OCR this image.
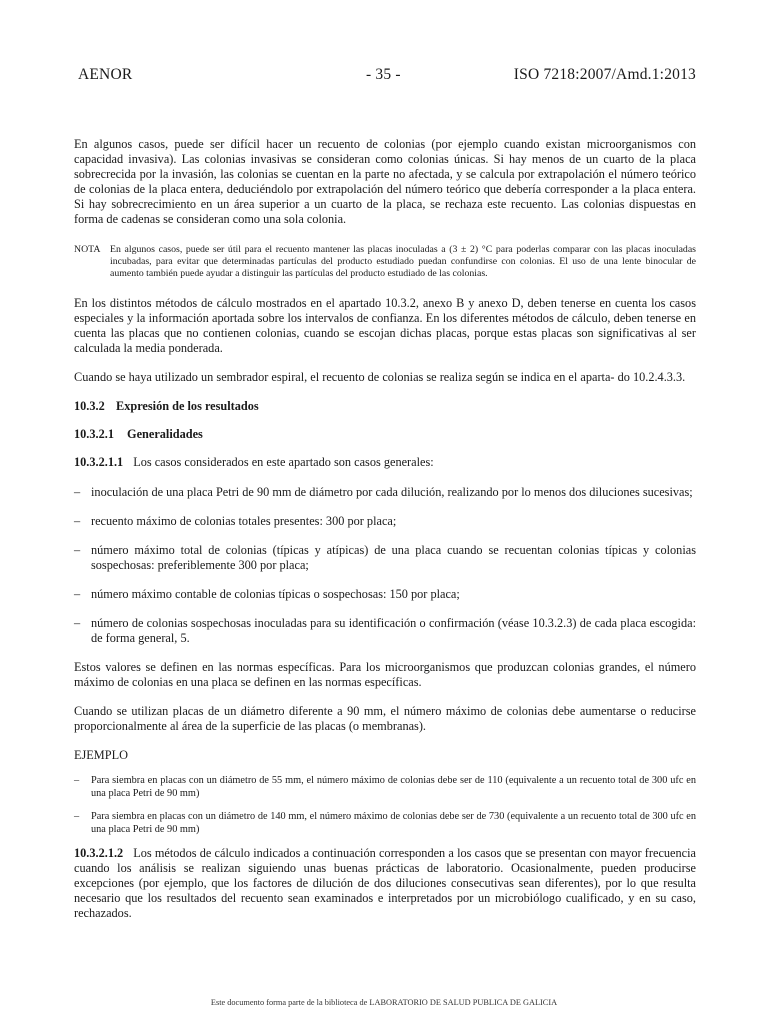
AENOR	- 35 -	ISO 7218:2007/Amd.1:2013

En algunos casos, puede ser difícil hacer un recuento de colonias (por ejemplo cuando existan microorganismos con capacidad invasiva). Las colonias invasivas se consideran como colonias únicas. Si hay menos de un cuarto de la placa sobrecrecida por la invasión, las colonias se cuentan en la parte no afectada, y se calcula por extrapolación el número teórico de colonias de la placa entera, deduciéndolo por extrapolación del número teórico que debería corresponder a la placa entera. Si hay sobrecrecimiento en un área superior a un cuarto de la placa, se rechaza este recuento. Las colonias dispuestas en forma de cadenas se consideran como una sola colonia.

NOTA En algunos casos, puede ser útil para el recuento mantener las placas inoculadas a (3 ± 2) °C para poderlas comparar con las placas inoculadas incubadas, para evitar que determinadas partículas del producto estudiado puedan confundirse con colonias. El uso de una lente binocular de aumento también puede ayudar a distinguir las partículas del producto estudiado de las colonias.

En los distintos métodos de cálculo mostrados en el apartado 10.3.2, anexo B y anexo D, deben tenerse en cuenta los casos especiales y la información aportada sobre los intervalos de confianza. En los diferentes métodos de cálculo, deben tenerse en cuenta las placas que no contienen colonias, cuando se escojan dichas placas, porque estas placas son significativas al ser calculada la media ponderada.

Cuando se haya utilizado un sembrador espiral, el recuento de colonias se realiza según se indica en el aparta- do 10.2.4.3.3.

10.3.2 Expresión de los resultados
10.3.2.1 Generalidades

10.3.2.1.1 Los casos considerados en este apartado son casos generales:

– inoculación de una placa Petri de 90 mm de diámetro por cada dilución, realizando por lo menos dos diluciones sucesivas;
– recuento máximo de colonias totales presentes: 300 por placa;
– número máximo total de colonias (típicas y atípicas) de una placa cuando se recuentan colonias típicas y colonias sospechosas: preferiblemente 300 por placa;
– número máximo contable de colonias típicas o sospechosas: 150 por placa;
– número de colonias sospechosas inoculadas para su identificación o confirmación (véase 10.3.2.3) de cada placa escogida: de forma general, 5.

Estos valores se definen en las normas específicas. Para los microorganismos que produzcan colonias grandes, el número máximo de colonias en una placa se definen en las normas específicas.

Cuando se utilizan placas de un diámetro diferente a 90 mm, el número máximo de colonias debe aumentarse o reducirse proporcionalmente al área de la superficie de las placas (o membranas).

EJEMPLO

– Para siembra en placas con un diámetro de 55 mm, el número máximo de colonias debe ser de 110 (equivalente a un recuento total de 300 ufc en una placa Petri de 90 mm)
– Para siembra en placas con un diámetro de 140 mm, el número máximo de colonias debe ser de 730 (equivalente a un recuento total de 300 ufc en una placa Petri de 90 mm)

10.3.2.1.2 Los métodos de cálculo indicados a continuación corresponden a los casos que se presentan con mayor frecuencia cuando los análisis se realizan siguiendo unas buenas prácticas de laboratorio. Ocasionalmente, pueden producirse excepciones (por ejemplo, que los factores de dilución de dos diluciones consecutivas sean diferentes), por lo que resulta necesario que los resultados del recuento sean examinados e interpretados por un microbiólogo cualificado, y en su caso, rechazados.

Este documento forma parte de la biblioteca de LABORATORIO DE SALUD PUBLICA DE GALICIA
